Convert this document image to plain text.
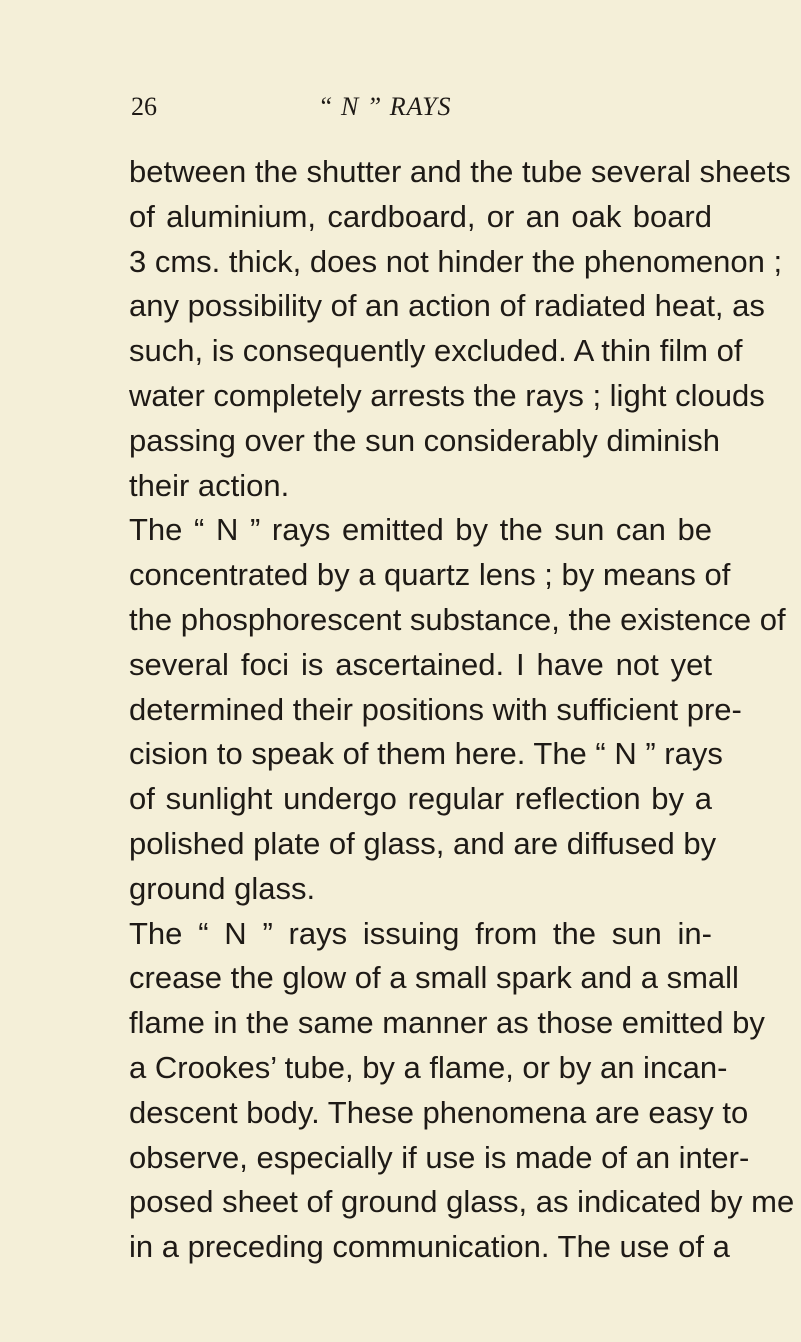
26	“ N ” RAYS
between the shutter and the tube several sheets
of aluminium, cardboard, or an oak board
3 cms. thick, does not hinder the phenomenon ;
any possibility of an action of radiated heat, as
such, is consequently excluded. A thin film of
water completely arrests the rays ; light clouds
passing over the sun considerably diminish
their action.
The “ N ” rays emitted by the sun can be
concentrated by a quartz lens ; by means of
the phosphorescent substance, the existence of
several foci is ascertained. I have not yet
determined their positions with sufficient pre-
cision to speak of them here. The “ N ” rays
of sunlight undergo regular reflection by a
polished plate of glass, and are diffused by
ground glass.
The “ N ” rays issuing from the sun in-
crease the glow of a small spark and a small
flame in the same manner as those emitted by
a Crookes’ tube, by a flame, or by an incan-
descent body. These phenomena are easy to
observe, especially if use is made of an inter-
posed sheet of ground glass, as indicated by me
in a preceding communication. The use of a
